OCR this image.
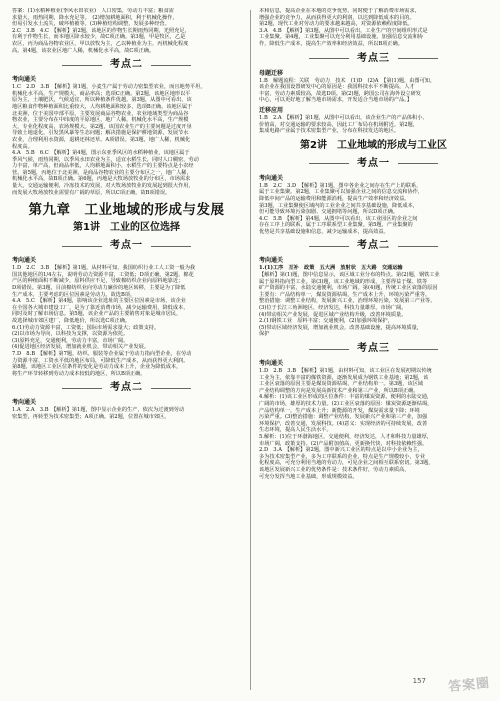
答案：(1)水稻种植业(季风水田农业)　人口密集，劳动力丰富；粮食需

求量大，雨热同期，降水充足等。　(2)增加耕地面积，利于机械化操作，

但易引发水土流失，破坏植被等。(3)种植结构调整，发展多种经营。

2.C　3.B　4.C　【解析】第2题，该地区的作物生长期雨热同期，光照充足，

有利于作物生长，而本地区降水较少，故C项正确。第3题，甲是牧区，乙是

农区，丙为商品谷物农业区，甲以放牧为主，乙以种植业为主，丙机械化程度

高。第4题，该农业区地广人稀，机械化水平高，故C项正确。

考点二
考向通关

1.C　2.D　3.B　【解析】第1题，小麦生产属于劳动力密集型农业，而且地势平坦，

机械化水平高，生产规模大，商品率高；选项C正确。第2题，该地区地形以平

原为主，土壤肥沃，气候适宜，所以种植条件优越。第3题，从图中可看出，该

地区粮食作物种植面积比重较大，人均耕地面积较多，选项B正确。该地区属于

北美洲，位于美国中部平原，主要发展商品谷物农业，农业地域类型为商品谷

物农业，主要分布在中纬度的平原地区，地广人稀，机械化水平高，生产规模

大，专业化程度高，农场规模大。第2题，该国农业生产的主要问题是过度开垦

导致土地退化，引发黑风暴等生态问题；解决措施是保护耕地资源，发展节水

农业，合理利用水资源，退耕还林还草。A项错误。第3题，地广人稀，机械化

程度高。

4.A　5.B　6.C　【解析】第4题，图示东亚季风区的水稻种植业，该地区属于

季风气候，雨热同期，以季风水田农业为主，适宜水稻生长，同时人口稠密，劳动

力丰富，单产高，但商品率低，人均耕地面积小，水稻生产的主要特点是小农经

营。第5题，丙地位于北美洲，是商品谷物农业的主要分布区之一，地广人稀，

机械化水平高，故B项正确。第6题，丙地是大牧场放牧业的分布区，市场需求

量大，交通运输便利，冷冻技术的发展，对大牧场放牧业的发展起到很大作用，

而发展大牧场放牧业需要有广阔的草原，所以C项正确。故B项错误。

第九章　工业地域的形成与发展
第1讲　工业的区位选择
考点一
考向通关

1.D　2.C　3.B　【解析】第1题，从材料可知，我国纺织行业工人工资一般为我

国其他地区的1/4左右，说明劳动力资源丰富，工资低；D项正确。第2题，棉花

产区的种植面积不断减少，原料供应不足，导致棉纺织企业向原料地靠近；

D项错误。第3题，目前棉纺织业向劳动力廉价的地区转移，主要是为了降低

生产成本，主要考虑的区位因素是劳动力。故选B项。

4.A　5.C　【解析】第4题，影响该企业选址的主要区位因素是市场，该企业

在全国各大城市建设工厂，是为了靠近消费市场，减少运输费用，降低成本，

同时及时了解市场信息。第5题，该企业产品的主要销售对象是城市居民，

故选择城市郊区建厂，降低地价，所以选C项正确。

6.(1)劳动力资源丰富，工资低；国际市场需求量大；政策支持。

(2)以市场为导向，以科技为支撑，以资源为依托。

(3)原料充足，交通便利，劳动力丰富，市场广阔。

(4)促进地区经济发展，增加就业机会，带动相关产业发展。

7.D　8.B　【解析】第7题，纺织、服装等企业属于劳动力指向型企业，在劳动

力资源丰富、工资水平低的地区布局，可降低生产成本，从而获得更大利润。

第8题，该地区工业区位条件的变化是劳动力成本上升，企业为降低成本，

将生产环节转移到劳动力成本较低的地区，所以B项正确。

考点二
考向通关

1.A　2.A　3.B　【解析】第1题，图中显示企业的生产，依次为过渡到劳动

密集型，再转型为技术密集型；A项正确。第2题，位置在城市郊区。

本和信息，提高企业在本地的竞争优势，同时便于了解消费市场需求，

增强企业的竞争力，从而获得更大的利润，以达到降低成本的目的。

第2题，现代工业对劳动力的要求越来越高，对资源依赖程度降低。

3.A　4.B　【解析】第3题，从图中可以看出，工业生产的空间组织形式是

工业集聚。第4题，工业集聚可以充分利用基础设施，加强信息交流和协

作，降低生产成本，提高生产效率和经济效益，所以B项正确。

考点三
母题迁移

1.B　解题流程：关联　劳动力　技术　(1)D　(2)A　【第(1)题，由图可知，

该企业在我国设置研发中心的原因是：我国科技水平不断提高，人才

丰富，劳动力素质较高，故选D项。第(2)题，跨国公司在海外设立研发

中心，可以更好地了解当地市场需求，开发适合当地市场的产品。】

迁移应用

1.B　2.A　【解析】第1题，从图中可以看出，该企业生产的产品体积小、

价值高，对交通运输的要求较高，因此工厂布局在机场附近。第2题，

集成电路产业属于技术密集型产业，分布在科技发达的地区。

第2讲　工业地域的形成与工业区
考点一
考向通关

1.B　2.C　3.D　【解析】第1题，图中各企业之间存在生产上的联系，

属于工业集聚。第2题，工业集聚可以加强企业之间的信息交流和协作，

降低中间产品的运输费用和能源消耗，提高生产效率和经济效益。

第3题，工业集聚使区域内的工业企业之间共享基础设施，降低成本，

但可能导致环境污染加剧、交通拥堵等问题，所以D项正确。

4.C　5.B　【解析】第4题，从图中可以看出，该工业园区的企业之间

存在工序上的联系，属于工序联系型工业集聚。第5题，产业集聚的

优势是共享基础设施和信息，减少运输成本，提高效益。

考点二
考向通关

1.(1)工序　互补　政策　五大洲　放射状　五大路　交通运输

【解析】第(1)题，图中信息显示，该区域工业分布的特点。第(2)题，钢铁工业

属于原料指向型工业。第(3)题，该工业地域的形成，主要得益于煤、铁等

矿产资源的丰富，水陆交通便利，市场广阔。第(4)题，传统工业区衰落的原因

主要有：产品结构单一，煤炭资源枯竭，生产成本上升，环境污染严重等。

整治措施：调整工业结构，发展新兴工业，治理环境污染，发展第三产业等。

(3)位于长江三角洲地区，经济发达，科技力量雄厚，市场广阔。

(4)带动相关产业发展，促进区域产业结构升级，改善环境质量。

2.(1)钢铁工业　原料丰富；交通便利，(2)加强环境保护，

(5)带动区域经济发展，增加就业机会，改善基础设施，提高环境质量，

保护

考点三
考向通关

1.D　2.B　3.B　【解析】第1题，由材料可知，该工业区在发展初期以传统

工业为主，依靠丰富的煤铁资源，逐渐发展成为钢铁工业基地；第2题，该

工业区衰落的原因主要是煤炭资源枯竭，产业结构单一。第3题，该区域

产业结构调整的方向是发展高新技术产业和第三产业，所以B项正确。

4.解析：(1)该工业区形成的区位条件：丰富的煤炭资源，便利的水陆交通，

广阔的市场，雄厚的技术力量。(2)工业区衰落的原因：煤炭资源逐渐枯竭，

产品结构单一，生产成本上升；新能源的开发，煤炭需求量下降；环境

污染严重。(3)整治措施：调整产业结构，发展新兴产业和第三产业，加强

环境保护，改善交通，发展科技。(4)意义：实现经济的可持续发展，改善

生态环境，提高人民生活水平。

5.解析：(1)位于环渤海地区，交通便利，经济发达，人才和科技力量雄厚，

市场广阔，政策支持。(2)产品附加值高，更新换代快，对科技依赖性强。

2.D　3.A　【解析】第2题，图中新兴工业区的特点是以中小企业为主，

多为技术密集型产业，多为工序联系的企业，特点是生产规模较小，专业

化程度高，可充分利用当地的劳动力，可见企业之间相互联系密切。第3题，

该地区发展新兴工业的优势条件是：技术条件好，劳动力素质高，

可充分发挥当地工业基础，形成规模效益。

157 答案圈
